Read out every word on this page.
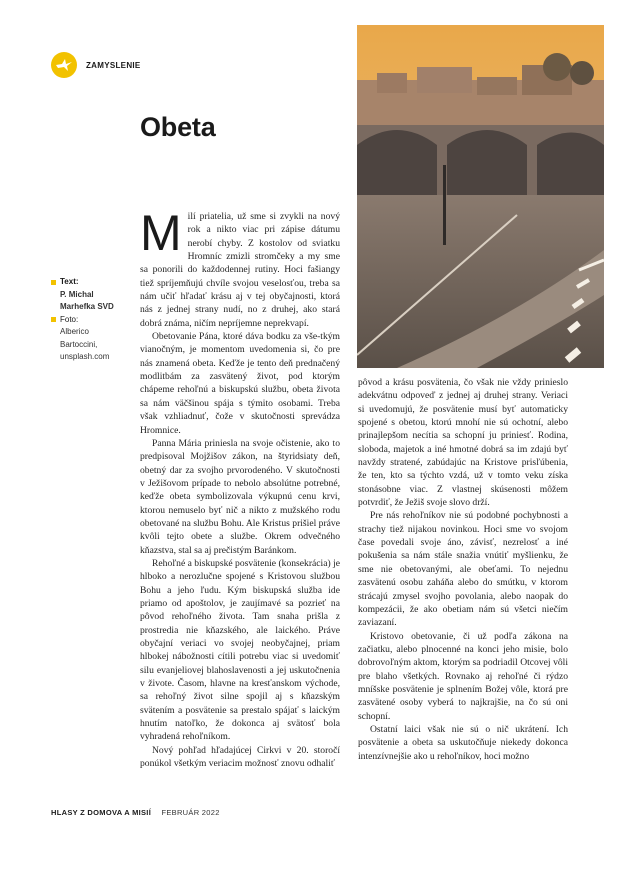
ZAMYSLENIE
Obeta
Text:
P. Michal
Marhefka SVD
Foto:
Alberico
Bartoccini,
unsplash.com

Milí priatelia, už sme si zvykli na nový rok a nikto viac pri zápise dátumu nerobí chyby. Z kostolov od sviatku Hromníc zmizli stromčeky a my sme sa ponorili do každodennej rutiny. Hoci fašiangy tiež spríjemňujú chvíle svojou veselosťou, treba sa nám učiť hľadať krásu aj v tej obyčajnosti, ktorá nás z jednej strany nudí, no z druhej, ako stará dobrá známa, ničím nepríjemne neprekvapí.

Obetovanie Pána, ktoré dáva bodku za vše-tkým vianočným, je momentom uvedomenia si, čo pre nás znamená obeta. Keďže je tento deň prednačený modlitbám za zasvätený život, pod ktorým chápeme rehoľnú a biskupskú službu, obeta života sa nám väčšinou spája s týmito osobami. Treba však vzhliadnuť, čože v skutočnosti sprevádza Hromnice.

Panna Mária priniesla na svoje očistenie, ako to predpisoval Mojžišov zákon, na štyridsiaty deň, obetný dar za svojho prvorodeného. V skutočnosti v Ježišovom prípade to nebolo absolútne potrebné, keďže obeta symbolizovala výkupnú cenu krvi, ktorou nemuselo byť nič a nikto z mužského rodu obetované na službu Bohu. Ale Kristus prišiel práve kvôli tejto obete a službe. Okrem odvečného kňazstva, stal sa aj prečistým Baránkom.

Rehoľné a biskupské posvätenie (konsekrácia) je hlboko a nerozlučne spojené s Kristovou službou Bohu a jeho ľudu. Kým biskupská služba ide priamo od apoštolov, je zaujímavé sa pozrieť na pôvod rehoľného života. Tam snaha prišla z prostredia nie kňazského, ale laického. Práve obyčajní veriaci vo svojej neobyčajnej, priam hlbokej nábožnosti cítili potrebu viac si uvedomiť silu evanjeliovej blahoslavenosti a jej uskutočnenia v živote. Časom, hlavne na kresťanskom východe, sa rehoľný život silne spojil aj s kňazským svätením a posvätenie sa prestalo spájať s laickým hnutím natoľko, že dokonca aj svätosť bola vyhradená rehoľníkom.

Nový pohľad hľadajúcej Cirkvi v 20. storočí ponúkol všetkým veriacim možnosť znovu odhaliť

pôvod a krásu posvätenia, čo však nie vždy prinieslo adekvátnu odpoveď z jednej aj druhej strany. Veriaci si uvedomujú, že posvätenie musí byť automaticky spojené s obetou, ktorú mnohí nie sú ochotní, alebo prinajlepšom necítia sa schopní ju priniesť. Rodina, sloboda, majetok a iné hmotné dobrá sa im zdajú byť navždy stratené, zabúdajúc na Kristove prisľúbenia, že ten, kto sa týchto vzdá, už v tomto veku získa stonásobne viac. Z vlastnej skúsenosti môžem potvrdiť, že Ježiš svoje slovo drží.

Pre nás rehoľníkov nie sú podobné pochybnosti a strachy tiež nijakou novinkou. Hoci sme vo svojom čase povedali svoje áno, závisť, nezrelosť a iné pokušenia sa nám stále snažia vnútiť myšlienku, že sme nie obetovanými, ale obeťami. To nejednu zasvätenú osobu zaháňa alebo do smútku, v ktorom strácajú zmysel svojho povolania, alebo naopak do kompezácii, že ako obetiam nám sú všetci niečím zaviazaní.

Kristovo obetovanie, či už podľa zákona na začiatku, alebo plnocenné na konci jeho misie, bolo dobrovoľným aktom, ktorým sa podriadil Otcovej vôli pre blaho všetkých. Rovnako aj rehoľné či rýdzo mníšske posvätenie je splnením Božej vôle, ktorá pre zasvätené osoby vyberá to najkrajšie, na čo sú oni schopní.

Ostatní laici však nie sú o nič ukrátení. Ich posvätenie a obeta sa uskutočňuje niekedy dokonca intenzívnejšie ako u rehoľníkov, hoci možno

HLASY Z DOMOVA A MISIÍ FEBRUÁR 2022
